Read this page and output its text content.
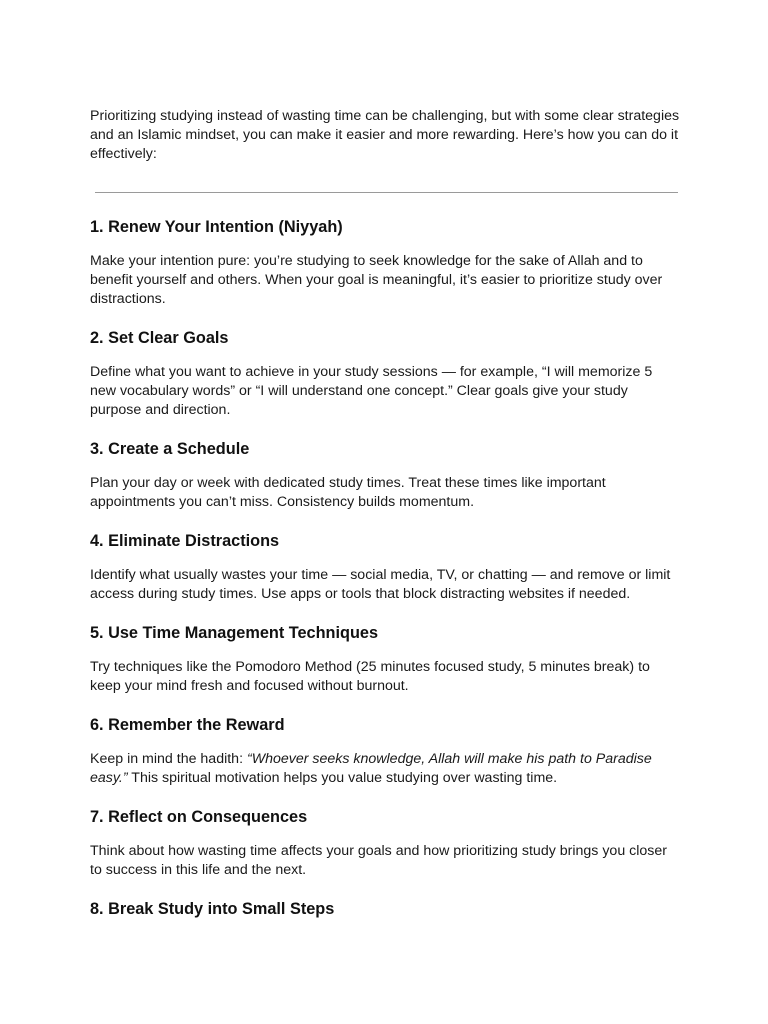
Prioritizing studying instead of wasting time can be challenging, but with some clear strategies and an Islamic mindset, you can make it easier and more rewarding. Here’s how you can do it effectively:

1. Renew Your Intention (Niyyah)

Make your intention pure: you’re studying to seek knowledge for the sake of Allah and to benefit yourself and others. When your goal is meaningful, it’s easier to prioritize study over distractions.

2. Set Clear Goals

Define what you want to achieve in your study sessions — for example, “I will memorize 5 new vocabulary words” or “I will understand one concept.” Clear goals give your study purpose and direction.

3. Create a Schedule

Plan your day or week with dedicated study times. Treat these times like important appointments you can’t miss. Consistency builds momentum.

4. Eliminate Distractions

Identify what usually wastes your time — social media, TV, or chatting — and remove or limit access during study times. Use apps or tools that block distracting websites if needed.

5. Use Time Management Techniques

Try techniques like the Pomodoro Method (25 minutes focused study, 5 minutes break) to keep your mind fresh and focused without burnout.

6. Remember the Reward

Keep in mind the hadith: “Whoever seeks knowledge, Allah will make his path to Paradise easy.” This spiritual motivation helps you value studying over wasting time.

7. Reflect on Consequences

Think about how wasting time affects your goals and how prioritizing study brings you closer to success in this life and the next.

8. Break Study into Small Steps
